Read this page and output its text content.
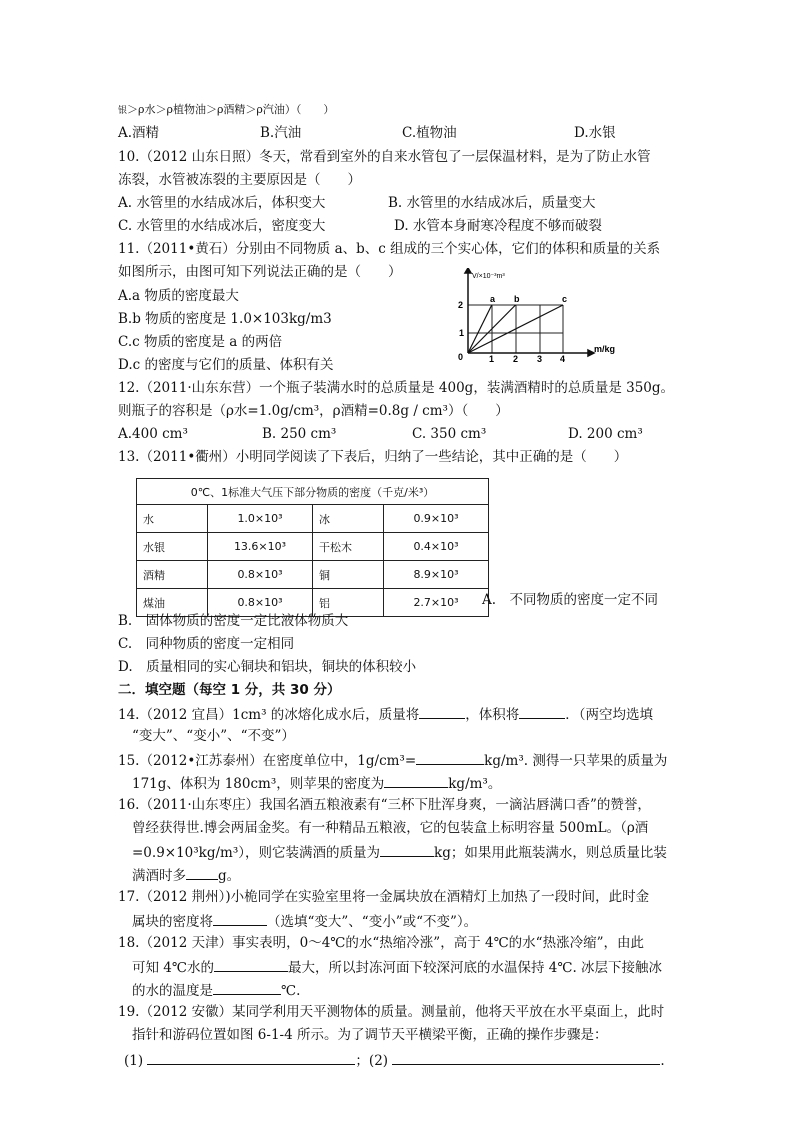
银＞ρ水＞ρ植物油＞ρ酒精＞ρ汽油）（　　）
A.酒精	B.汽油	C.植物油	D.水银
10.（2012 山东日照）冬天，常看到室外的自来水管包了一层保温材料，是为了防止水管
冻裂，水管被冻裂的主要原因是（　　）
A. 水管里的水结成冰后，体积变大	B. 水管里的水结成冰后，质量变大
C. 水管里的水结成冰后，密度变大	D. 水管本身耐寒冷程度不够而破裂
11.（2011•黄石）分别由不同物质 a、b、c 组成的三个实心体，它们的体积和质量的关系
如图所示，由图可知下列说法正确的是（　　）
A.a 物质的密度最大
B.b 物质的密度是 1.0×103kg/m3
C.c 物质的密度是 a 的两倍
D.c 的密度与它们的质量、体积有关
V/×10⁻³m³
m/kg
2
1
0	1 2 3 4
a b	c
12.（2011·山东东营）一个瓶子装满水时的总质量是 400g，装满酒精时的总质量是 350g。
则瓶子的容积是（ρ水=1.0g/cm³，ρ酒精=0.8g / cm³）（　　）
A.400 cm³	B. 250 cm³	C. 350 cm³	D. 200 cm³
13.（2011•衢州）小明同学阅读了下表后，归纳了一些结论，其中正确的是（　　）
0℃、1标准大气压下部分物质的密度（千克/米³）			
水	1.0×10³	冰	0.9×10³
水银	13.6×10³	干松木	0.4×10³
酒精	0.8×10³	铜	8.9×10³
煤油	0.8×10³	铝	2.7×10³ A.　不同物质的密度一定不同
B.　固体物质的密度一定比液体物质大
C.　同种物质的密度一定相同
D.　质量相同的实心铜块和铝块，铜块的体积较小
二．填空题（每空 1 分，共 30 分）
14.（2012 宜昌）1cm³ 的冰熔化成水后，质量将	，体积将	．（两空均选填
“变大”、“变小”、“不变”）
15.（2012•江苏泰州）在密度单位中，1g/cm³=	kg/m³. 测得一只苹果的质量为
171g、体积为 180cm³，则苹果的密度为	kg/m³。
16.（2011·山东枣庄）我国名酒五粮液素有“三杯下肚浑身爽，一滴沾唇满口香”的赞誉，
曾经获得世.博会两届金奖。有一种精品五粮液，它的包装盒上标明容量 500mL。（ρ酒
=0.9×10³kg/m³），则它装满酒的质量为	kg；如果用此瓶装满水，则总质量比装
满酒时多 g。
17.（2012 荆州）)小桅同学在实验室里将一金属块放在酒精灯上加热了一段时间，此时金
属块的密度将	（选填“变大”、“变小”或“不变”）。
18.（2012 天津）事实表明，0～4℃的水“热缩冷涨”，高于 4℃的水“热涨冷缩”，由此
可知 4℃水的	最大，所以封冻河面下较深河底的水温保持 4℃. 冰层下接触冰
的水的温度是	℃.
19.（2012 安徽）某同学利用天平测物体的质量。测量前，他将天平放在水平桌面上，此时
指针和游码位置如图 6-1-4 所示。为了调节天平横梁平衡，正确的操作步骤是：
(1)	；(2)	.
